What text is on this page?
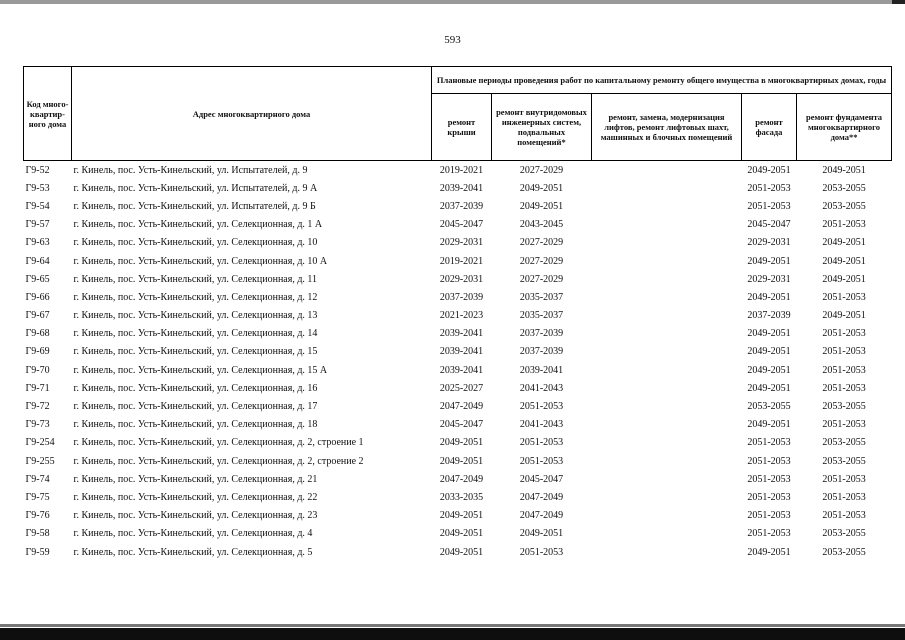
593
Код много-квартир-ного дома	Адрес многоквартирного дома	Плановые периоды проведения работ по капитальному ремонту общего имущества в многоквартирных домах, годы				
		ремонт крыши	ремонт внутридомовых инженерных систем, подвальных помещений*	ремонт, замена, модернизация лифтов, ремонт лифтовых шахт, машинных и блочных помещений	ремонт фасада	ремонт фундамента многоквартирного дома**
Г9-52	г. Кинель, пос. Усть-Кинельский, ул. Испытателей, д. 9	2019-2021	2027-2029		2049-2051	2049-2051
Г9-53	г. Кинель, пос. Усть-Кинельский, ул. Испытателей, д. 9 А	2039-2041	2049-2051		2051-2053	2053-2055
Г9-54	г. Кинель, пос. Усть-Кинельский, ул. Испытателей, д. 9 Б	2037-2039	2049-2051		2051-2053	2053-2055
Г9-57	г. Кинель, пос. Усть-Кинельский, ул. Селекционная, д. 1 А	2045-2047	2043-2045		2045-2047	2051-2053
Г9-63	г. Кинель, пос. Усть-Кинельский, ул. Селекционная, д. 10	2029-2031	2027-2029		2029-2031	2049-2051
Г9-64	г. Кинель, пос. Усть-Кинельский, ул. Селекционная, д. 10 А	2019-2021	2027-2029		2049-2051	2049-2051
Г9-65	г. Кинель, пос. Усть-Кинельский, ул. Селекционная, д. 11	2029-2031	2027-2029		2029-2031	2049-2051
Г9-66	г. Кинель, пос. Усть-Кинельский, ул. Селекционная, д. 12	2037-2039	2035-2037		2049-2051	2051-2053
Г9-67	г. Кинель, пос. Усть-Кинельский, ул. Селекционная, д. 13	2021-2023	2035-2037		2037-2039	2049-2051
Г9-68	г. Кинель, пос. Усть-Кинельский, ул. Селекционная, д. 14	2039-2041	2037-2039		2049-2051	2051-2053
Г9-69	г. Кинель, пос. Усть-Кинельский, ул. Селекционная, д. 15	2039-2041	2037-2039		2049-2051	2051-2053
Г9-70	г. Кинель, пос. Усть-Кинельский, ул. Селекционная, д. 15 А	2039-2041	2039-2041		2049-2051	2051-2053
Г9-71	г. Кинель, пос. Усть-Кинельский, ул. Селекционная, д. 16	2025-2027	2041-2043		2049-2051	2051-2053
Г9-72	г. Кинель, пос. Усть-Кинельский, ул. Селекционная, д. 17	2047-2049	2051-2053		2053-2055	2053-2055
Г9-73	г. Кинель, пос. Усть-Кинельский, ул. Селекционная, д. 18	2045-2047	2041-2043		2049-2051	2051-2053
Г9-254	г. Кинель, пос. Усть-Кинельский, ул. Селекционная, д. 2, строение 1	2049-2051	2051-2053		2051-2053	2053-2055
Г9-255	г. Кинель, пос. Усть-Кинельский, ул. Селекционная, д. 2, строение 2	2049-2051	2051-2053		2051-2053	2053-2055
Г9-74	г. Кинель, пос. Усть-Кинельский, ул. Селекционная, д. 21	2047-2049	2045-2047		2051-2053	2051-2053
Г9-75	г. Кинель, пос. Усть-Кинельский, ул. Селекционная, д. 22	2033-2035	2047-2049		2051-2053	2051-2053
Г9-76	г. Кинель, пос. Усть-Кинельский, ул. Селекционная, д. 23	2049-2051	2047-2049		2051-2053	2051-2053
Г9-58	г. Кинель, пос. Усть-Кинельский, ул. Селекционная, д. 4	2049-2051	2049-2051		2051-2053	2053-2055
Г9-59	г. Кинель, пос. Усть-Кинельский, ул. Селекционная, д. 5	2049-2051	2051-2053		2049-2051	2053-2055
